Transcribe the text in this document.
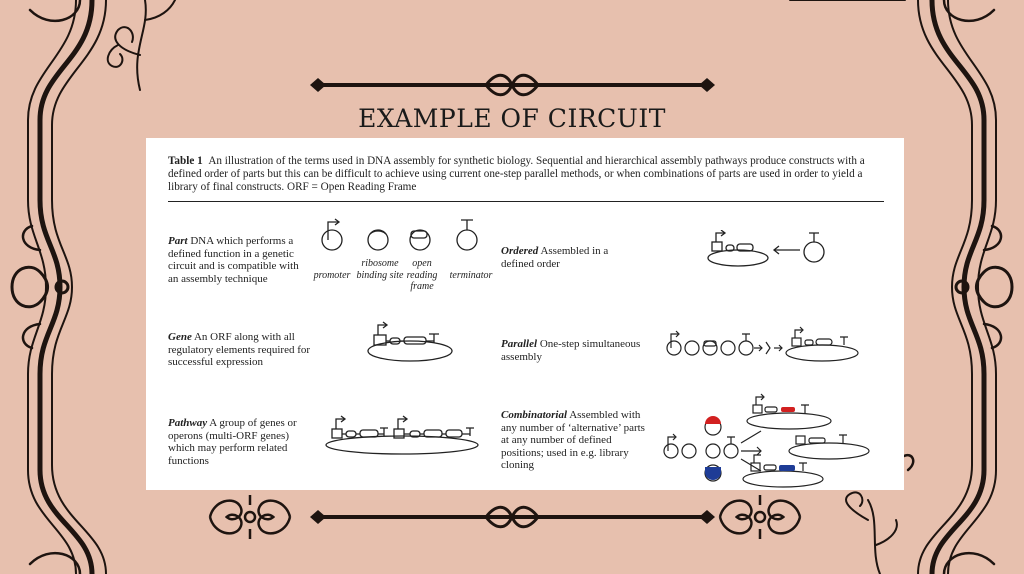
EXAMPLE OF CIRCUIT
Table 1 An illustration of the terms used in DNA assembly for synthetic biology. Sequential and hierarchical assembly pathways produce constructs with a defined order of parts but this can be difficult to achieve using current one-step parallel methods, or when combinations of parts are used in order to yield a library of final constructs. ORF = Open Reading Frame
Part DNA which performs a defined function in a genetic circuit and is compatible with an assembly technique
Gene An ORF along with all regulatory elements required for successful expression
Pathway A group of genes or operons (multi-ORF genes) which may perform related functions
Ordered Assembled in a defined order
Parallel One-step simultaneous assembly
Combinatorial Assembled with any number of ‘alternative’ parts at any number of defined positions; used in e.g. library cloning
promoter
ribosome binding site
open reading frame
terminator
